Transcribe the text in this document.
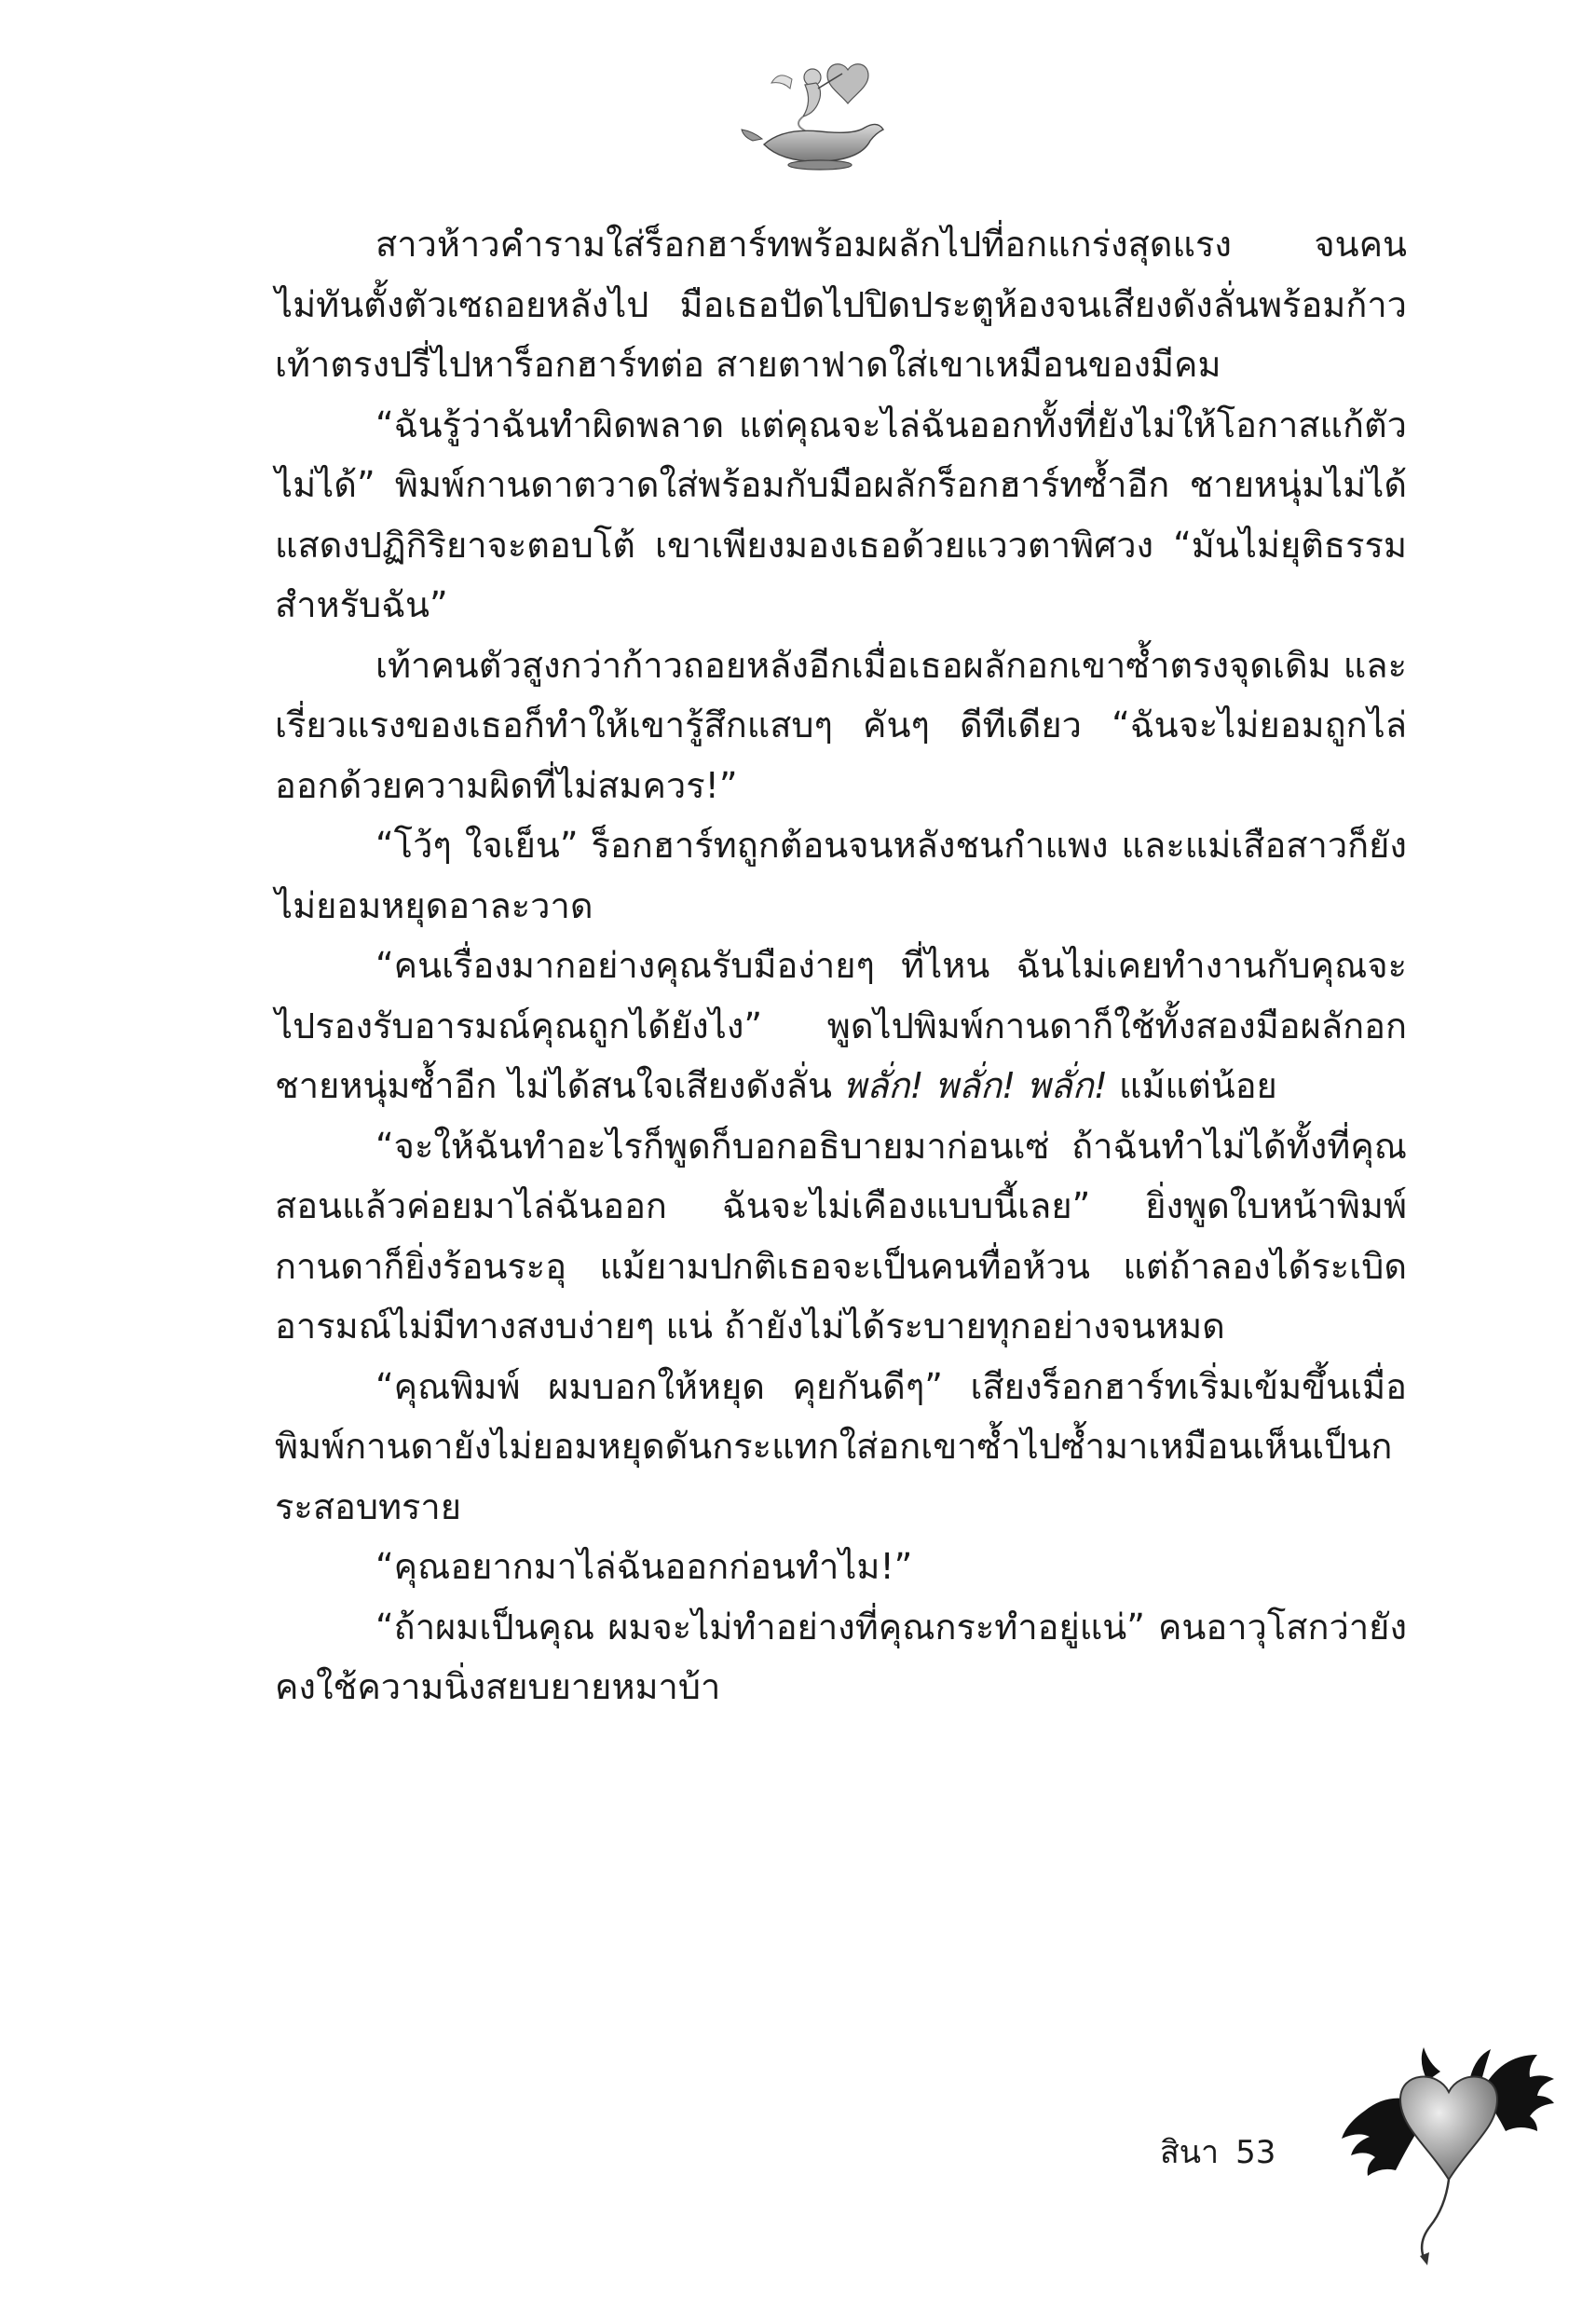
สาวห้าวคำรามใส่ร็อกฮาร์ทพร้อมผลักไปที่อกแกร่งสุดแรง จนคนไม่ทันตั้งตัวเซถอยหลังไป มือเธอปัดไปปิดประตูห้องจนเสียงดังลั่นพร้อมก้าวเท้าตรงปรี่ไปหาร็อกฮาร์ทต่อ สายตาฟาดใส่เขาเหมือนของมีคม

“ฉันรู้ว่าฉันทำผิดพลาด แต่คุณจะไล่ฉันออกทั้งที่ยังไม่ให้โอกาสแก้ตัวไม่ได้” พิมพ์กานดาตวาดใส่พร้อมกับมือผลักร็อกฮาร์ทซ้ำอีก ชายหนุ่มไม่ได้แสดงปฏิกิริยาจะตอบโต้ เขาเพียงมองเธอด้วยแววตาพิศวง “มันไม่ยุติธรรมสำหรับฉัน”

เท้าคนตัวสูงกว่าก้าวถอยหลังอีกเมื่อเธอผลักอกเขาซ้ำตรงจุดเดิม และเรี่ยวแรงของเธอก็ทำให้เขารู้สึกแสบๆ คันๆ ดีทีเดียว “ฉันจะไม่ยอมถูกไล่ออกด้วยความผิดที่ไม่สมควร!”

“โว้ๆ ใจเย็น” ร็อกฮาร์ทถูกต้อนจนหลังชนกำแพง และแม่เสือสาวก็ยังไม่ยอมหยุดอาละวาด

“คนเรื่องมากอย่างคุณรับมือง่ายๆ ที่ไหน ฉันไม่เคยทำงานกับคุณจะไปรองรับอารมณ์คุณถูกได้ยังไง” พูดไปพิมพ์กานดาก็ใช้ทั้งสองมือผลักอกชายหนุ่มซ้ำอีก ไม่ได้สนใจเสียงดังลั่น พลั่ก! พลั่ก! พลั่ก! แม้แต่น้อย

“จะให้ฉันทำอะไรก็พูดก็บอกอธิบายมาก่อนเซ่ ถ้าฉันทำไม่ได้ทั้งที่คุณสอนแล้วค่อยมาไล่ฉันออก ฉันจะไม่เคืองแบบนี้เลย” ยิ่งพูดใบหน้าพิมพ์กานดาก็ยิ่งร้อนระอุ แม้ยามปกติเธอจะเป็นคนทื่อห้วน แต่ถ้าลองได้ระเบิดอารมณ์ไม่มีทางสงบง่ายๆ แน่ ถ้ายังไม่ได้ระบายทุกอย่างจนหมด

“คุณพิมพ์ ผมบอกให้หยุด คุยกันดีๆ” เสียงร็อกฮาร์ทเริ่มเข้มขึ้นเมื่อพิมพ์กานดายังไม่ยอมหยุดดันกระแทกใส่อกเขาซ้ำไปซ้ำมาเหมือนเห็นเป็นกระสอบทราย

“คุณอยากมาไล่ฉันออกก่อนทำไม!”

“ถ้าผมเป็นคุณ ผมจะไม่ทำอย่างที่คุณกระทำอยู่แน่” คนอาวุโสกว่ายังคงใช้ความนิ่งสยบยายหมาบ้า

สินา 53
